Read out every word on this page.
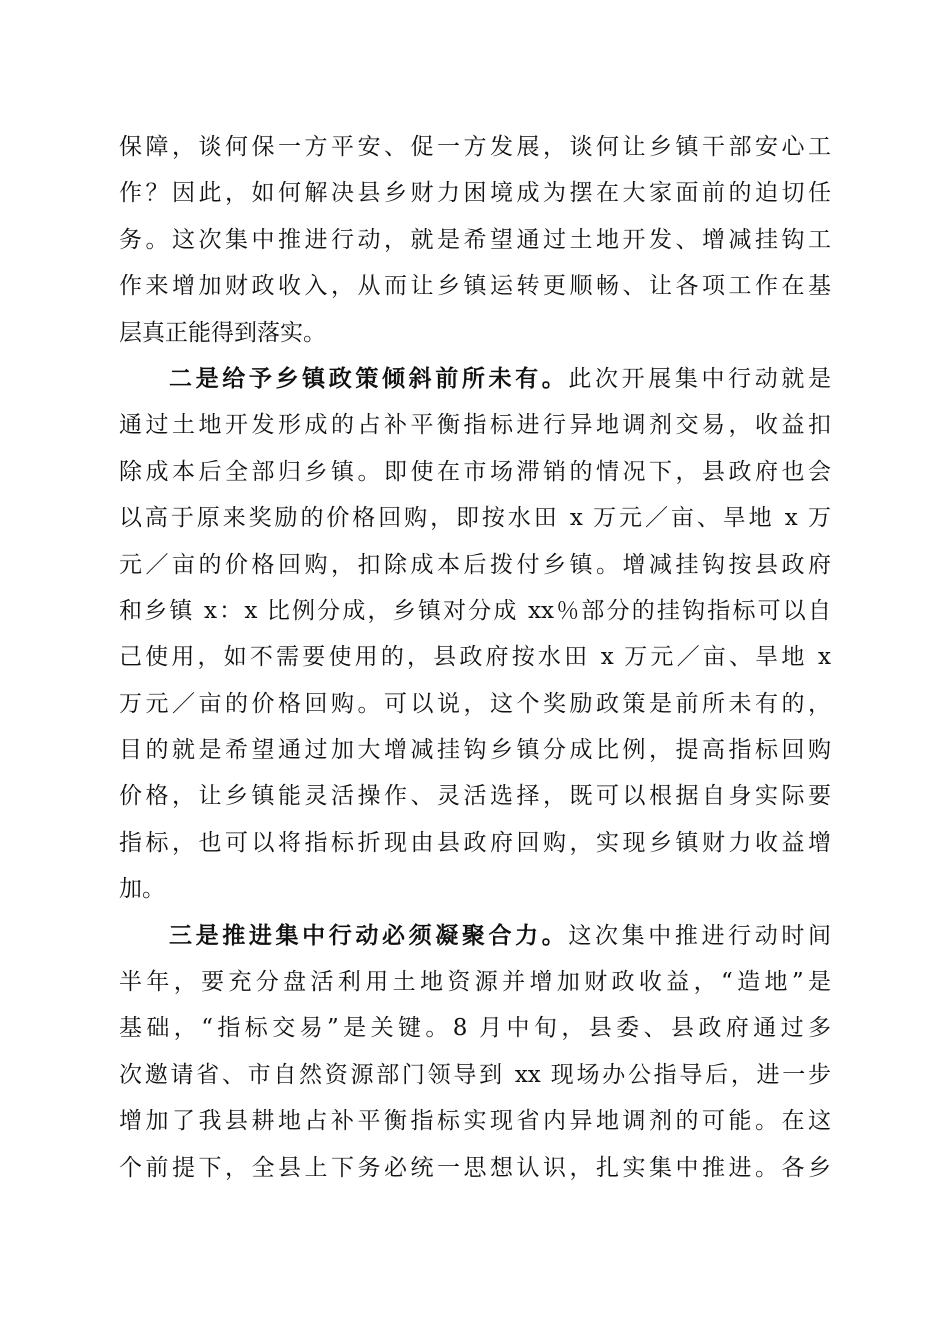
保障，谈何保一方平安、促一方发展，谈何让乡镇干部安心工
作？因此，如何解决县乡财力困境成为摆在大家面前的迫切任
务。这次集中推进行动，就是希望通过土地开发、增减挂钩工
作来增加财政收入，从而让乡镇运转更顺畅、让各项工作在基
层真正能得到落实。
二是给予乡镇政策倾斜前所未有。此次开展集中行动就是
通过土地开发形成的占补平衡指标进行异地调剂交易，收益扣
除成本后全部归乡镇。即使在市场滞销的情况下，县政府也会
以高于原来奖励的价格回购，即按水田 x 万元／亩、旱地 x 万
元／亩的价格回购，扣除成本后拨付乡镇。增减挂钩按县政府
和乡镇 x：x 比例分成，乡镇对分成 xx％部分的挂钩指标可以自
己使用，如不需要使用的，县政府按水田 x 万元／亩、旱地 x
万元／亩的价格回购。可以说，这个奖励政策是前所未有的，
目的就是希望通过加大增减挂钩乡镇分成比例，提高指标回购
价格，让乡镇能灵活操作、灵活选择，既可以根据自身实际要
指标，也可以将指标折现由县政府回购，实现乡镇财力收益增
加。
三是推进集中行动必须凝聚合力。这次集中推进行动时间
半年，要充分盘活利用土地资源并增加财政收益，“造地”是
基础，“指标交易”是关键。8 月中旬，县委、县政府通过多
次邀请省、市自然资源部门领导到 xx 现场办公指导后，进一步
增加了我县耕地占补平衡指标实现省内异地调剂的可能。在这
个前提下，全县上下务必统一思想认识，扎实集中推进。各乡
